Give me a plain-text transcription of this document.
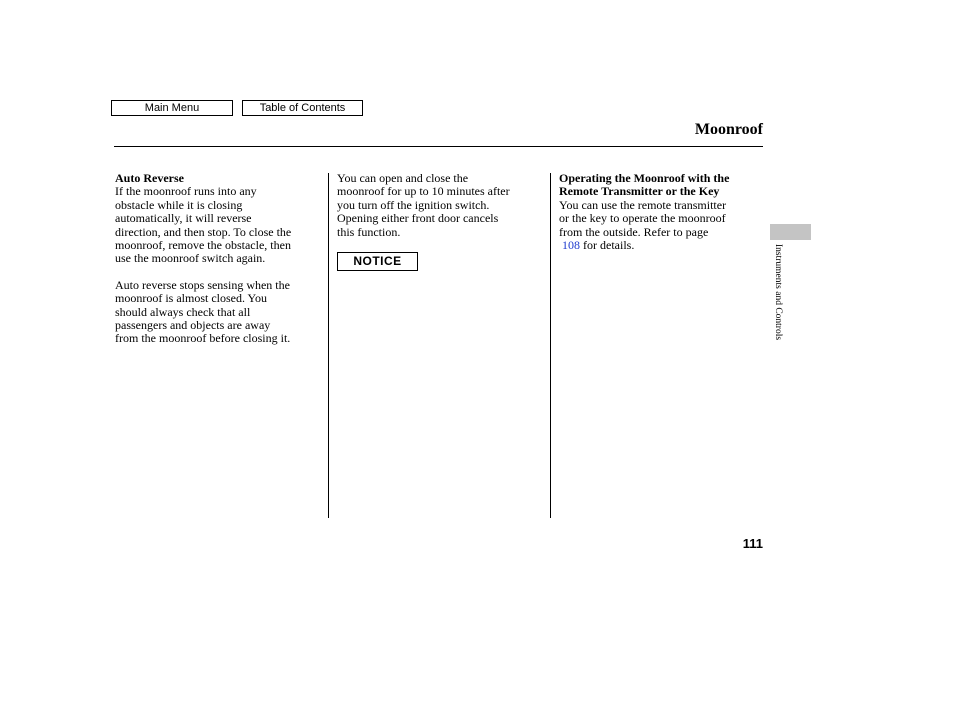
Main Menu	Table of Contents
Moonroof

Auto Reverse

If the moonroof runs into any

obstacle while it is closing

automatically, it will reverse

direction, and then stop. To close the

moonroof, remove the obstacle, then

use the moonroof switch again.

Auto reverse stops sensing when the

moonroof is almost closed. You

should always check that all

passengers and objects are away

from the moonroof before closing it.

You can open and close the

moonroof for up to 10 minutes after

you turn off the ignition switch.

Opening either front door cancels

this function.

NOTICE

Operating the Moonroof with the

Remote Transmitter or the Key

You can use the remote transmitter

or the key to operate the moonroof

from the outside. Refer to page

108 for details.	Instruments and Controls
111
